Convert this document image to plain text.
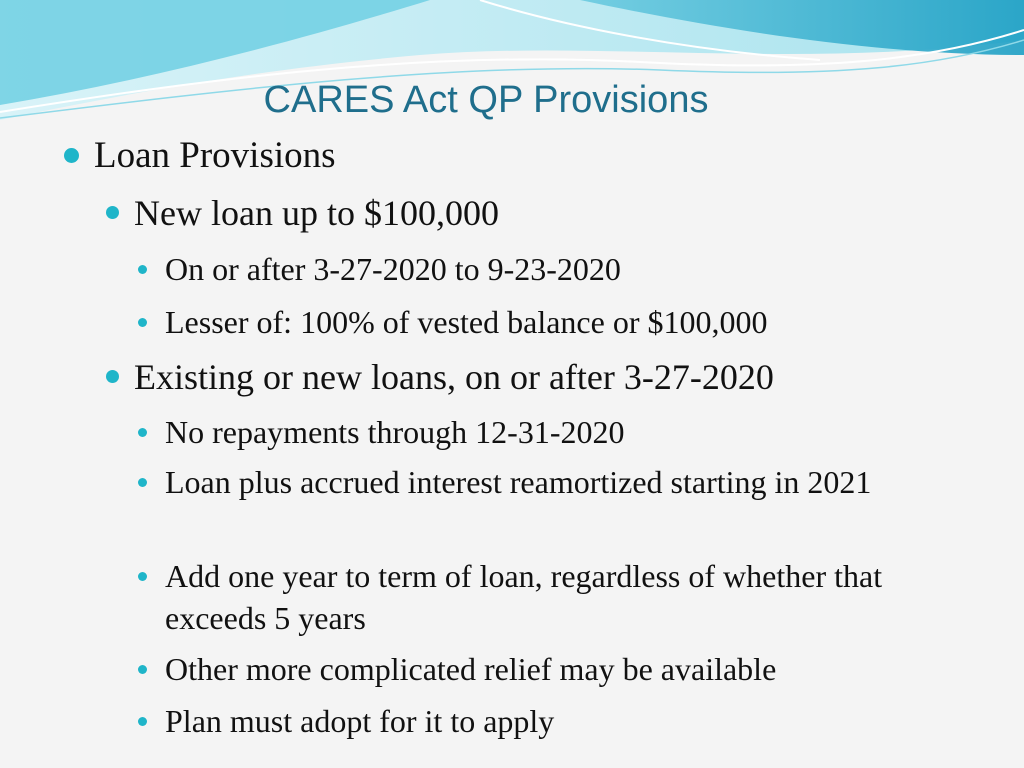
CARES Act QP Provisions
Loan Provisions
New loan up to $100,000
On or after 3-27-2020 to 9-23-2020
Lesser of: 100% of vested balance or $100,000
Existing or new loans, on or after 3-27-2020
No repayments through 12-31-2020
Loan plus accrued interest reamortized starting in 2021
Add one year to term of loan, regardless of whether that exceeds 5 years
Other more complicated relief may be available
Plan must adopt for it to apply
